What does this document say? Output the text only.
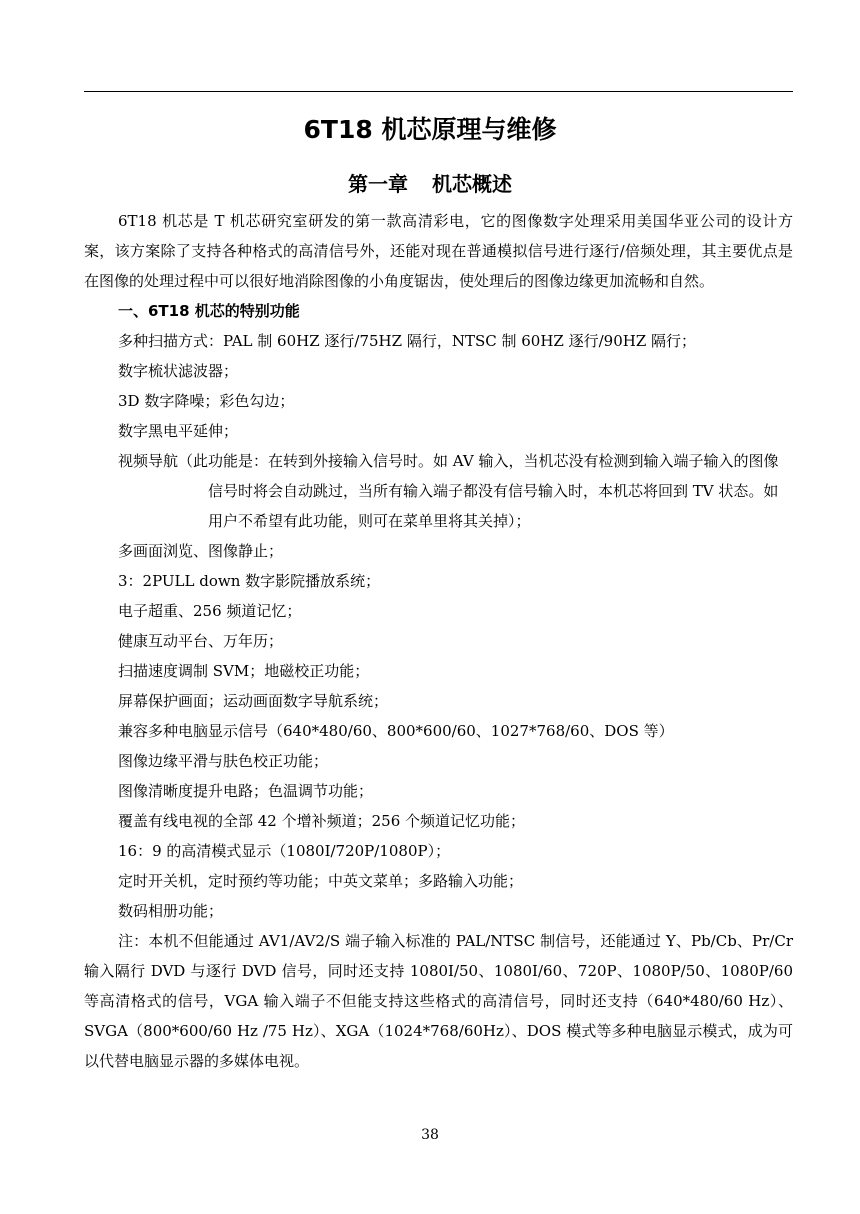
6T18 机芯原理与维修
第一章 机芯概述

6T18 机芯是 T 机芯研究室研发的第一款高清彩电，它的图像数字处理采用美国华亚公司的设计方案，该方案除了支持各种格式的高清信号外，还能对现在普通模拟信号进行逐行/倍频处理，其主要优点是在图像的处理过程中可以很好地消除图像的小角度锯齿，使处理后的图像边缘更加流畅和自然。

一、6T18 机芯的特别功能

多种扫描方式：PAL 制 60HZ 逐行/75HZ 隔行，NTSC 制 60HZ 逐行/90HZ 隔行；

数字梳状滤波器；

3D 数字降噪；彩色勾边；

数字黑电平延伸；

视频导航（此功能是：在转到外接输入信号时。如 AV 输入，当机芯没有检测到输入端子输入的图像信号时将会自动跳过，当所有输入端子都没有信号输入时，本机芯将回到 TV 状态。如用户不希望有此功能，则可在菜单里将其关掉）；

多画面浏览、图像静止；

3：2PULL down 数字影院播放系统；

电子超重、256 频道记忆；

健康互动平台、万年历；

扫描速度调制 SVM；地磁校正功能；

屏幕保护画面；运动画面数字导航系统；

兼容多种电脑显示信号（640*480/60、800*600/60、1027*768/60、DOS 等）

图像边缘平滑与肤色校正功能；

图像清晰度提升电路；色温调节功能；

覆盖有线电视的全部 42 个增补频道；256 个频道记忆功能；

16：9 的高清模式显示（1080I/720P/1080P）；

定时开关机，定时预约等功能；中英文菜单；多路输入功能；

数码相册功能；

注：本机不但能通过 AV1/AV2/S 端子输入标准的 PAL/NTSC 制信号，还能通过 Y、Pb/Cb、Pr/Cr 输入隔行 DVD 与逐行 DVD 信号，同时还支持 1080I/50、1080I/60、720P、1080P/50、1080P/60 等高清格式的信号，VGA 输入端子不但能支持这些格式的高清信号，同时还支持（640*480/60 Hz）、SVGA（800*600/60 Hz /75 Hz）、XGA（1024*768/60Hz）、DOS 模式等多种电脑显示模式，成为可以代替电脑显示器的多媒体电视。

38
